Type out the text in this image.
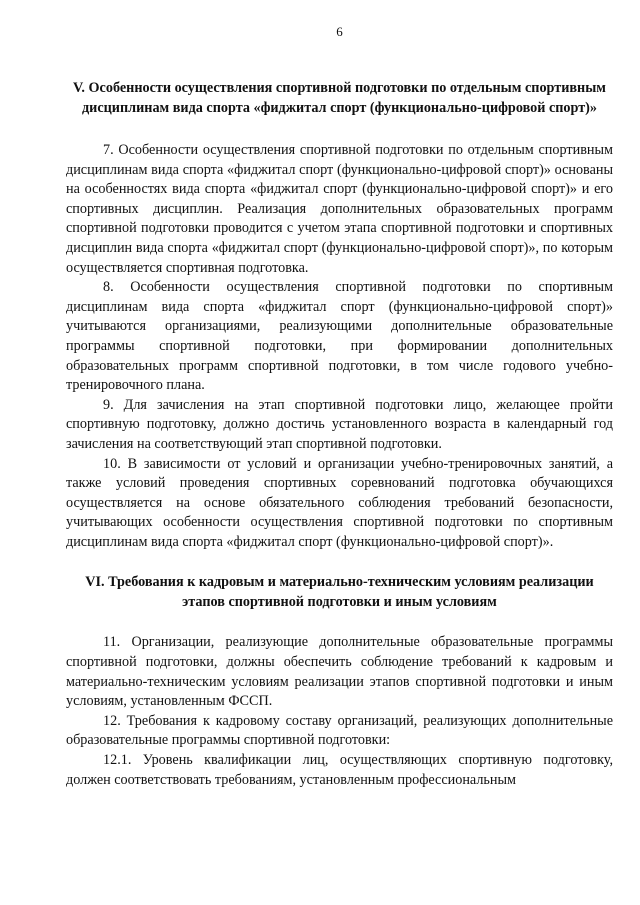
6
V. Особенности осуществления спортивной подготовки по отдельным спортивным дисциплинам вида спорта «фиджитал спорт (функционально-цифровой спорт)»

7. Особенности осуществления спортивной подготовки по отдельным спортивным дисциплинам вида спорта «фиджитал спорт (функционально-цифровой спорт)» основаны на особенностях вида спорта «фиджитал спорт (функционально-цифровой спорт)» и его спортивных дисциплин. Реализация дополнительных образовательных программ спортивной подготовки проводится с учетом этапа спортивной подготовки и спортивных дисциплин вида спорта «фиджитал спорт (функционально-цифровой спорт)», по которым осуществляется спортивная подготовка.

8. Особенности осуществления спортивной подготовки по спортивным дисциплинам вида спорта «фиджитал спорт (функционально-цифровой спорт)» учитываются организациями, реализующими дополнительные образовательные программы спортивной подготовки, при формировании дополнительных образовательных программ спортивной подготовки, в том числе годового учебно-тренировочного плана.

9. Для зачисления на этап спортивной подготовки лицо, желающее пройти спортивную подготовку, должно достичь установленного возраста в календарный год зачисления на соответствующий этап спортивной подготовки.

10. В зависимости от условий и организации учебно-тренировочных занятий, а также условий проведения спортивных соревнований подготовка обучающихся осуществляется на основе обязательного соблюдения требований безопасности, учитывающих особенности осуществления спортивной подготовки по спортивным дисциплинам вида спорта «фиджитал спорт (функционально-цифровой спорт)».

VI. Требования к кадровым и материально-техническим условиям реализации этапов спортивной подготовки и иным условиям

11. Организации, реализующие дополнительные образовательные программы спортивной подготовки, должны обеспечить соблюдение требований к кадровым и материально-техническим условиям реализации этапов спортивной подготовки и иным условиям, установленным ФССП.

12. Требования к кадровому составу организаций, реализующих дополнительные образовательные программы спортивной подготовки:

12.1. Уровень квалификации лиц, осуществляющих спортивную подготовку, должен соответствовать требованиям, установленным профессиональным
